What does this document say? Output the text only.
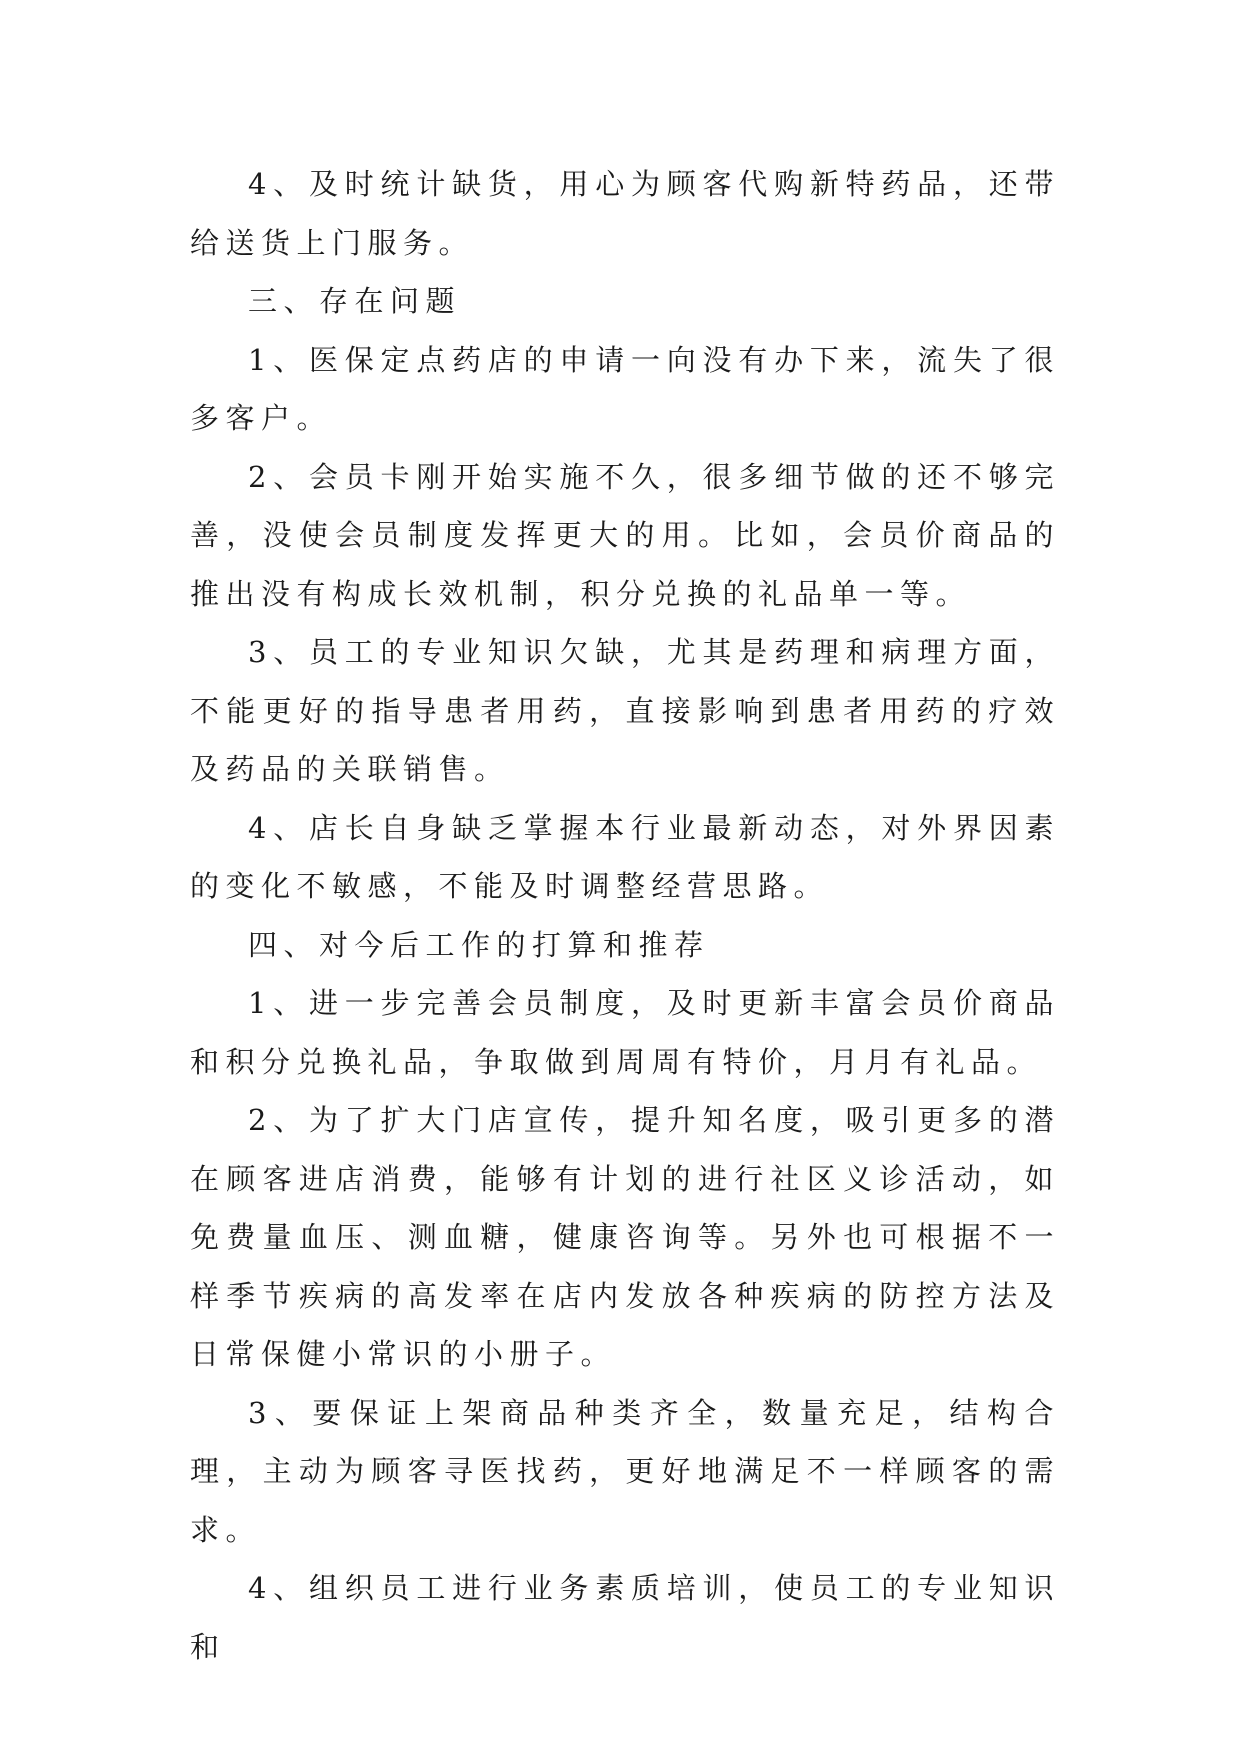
4、及时统计缺货，用心为顾客代购新特药品，还带给送货上门服务。

三、存在问题

1、医保定点药店的申请一向没有办下来，流失了很多客户。

2、会员卡刚开始实施不久，很多细节做的还不够完善，没使会员制度发挥更大的用。比如，会员价商品的推出没有构成长效机制，积分兑换的礼品单一等。

3、员工的专业知识欠缺，尤其是药理和病理方面，不能更好的指导患者用药，直接影响到患者用药的疗效及药品的关联销售。

4、店长自身缺乏掌握本行业最新动态，对外界因素的变化不敏感，不能及时调整经营思路。

四、对今后工作的打算和推荐

1、进一步完善会员制度，及时更新丰富会员价商品和积分兑换礼品，争取做到周周有特价，月月有礼品。

2、为了扩大门店宣传，提升知名度，吸引更多的潜在顾客进店消费，能够有计划的进行社区义诊活动，如免费量血压、测血糖，健康咨询等。另外也可根据不一样季节疾病的高发率在店内发放各种疾病的防控方法及日常保健小常识的小册子。

3、要保证上架商品种类齐全，数量充足，结构合理，主动为顾客寻医找药，更好地满足不一样顾客的需求。

4、组织员工进行业务素质培训，使员工的专业知识和
